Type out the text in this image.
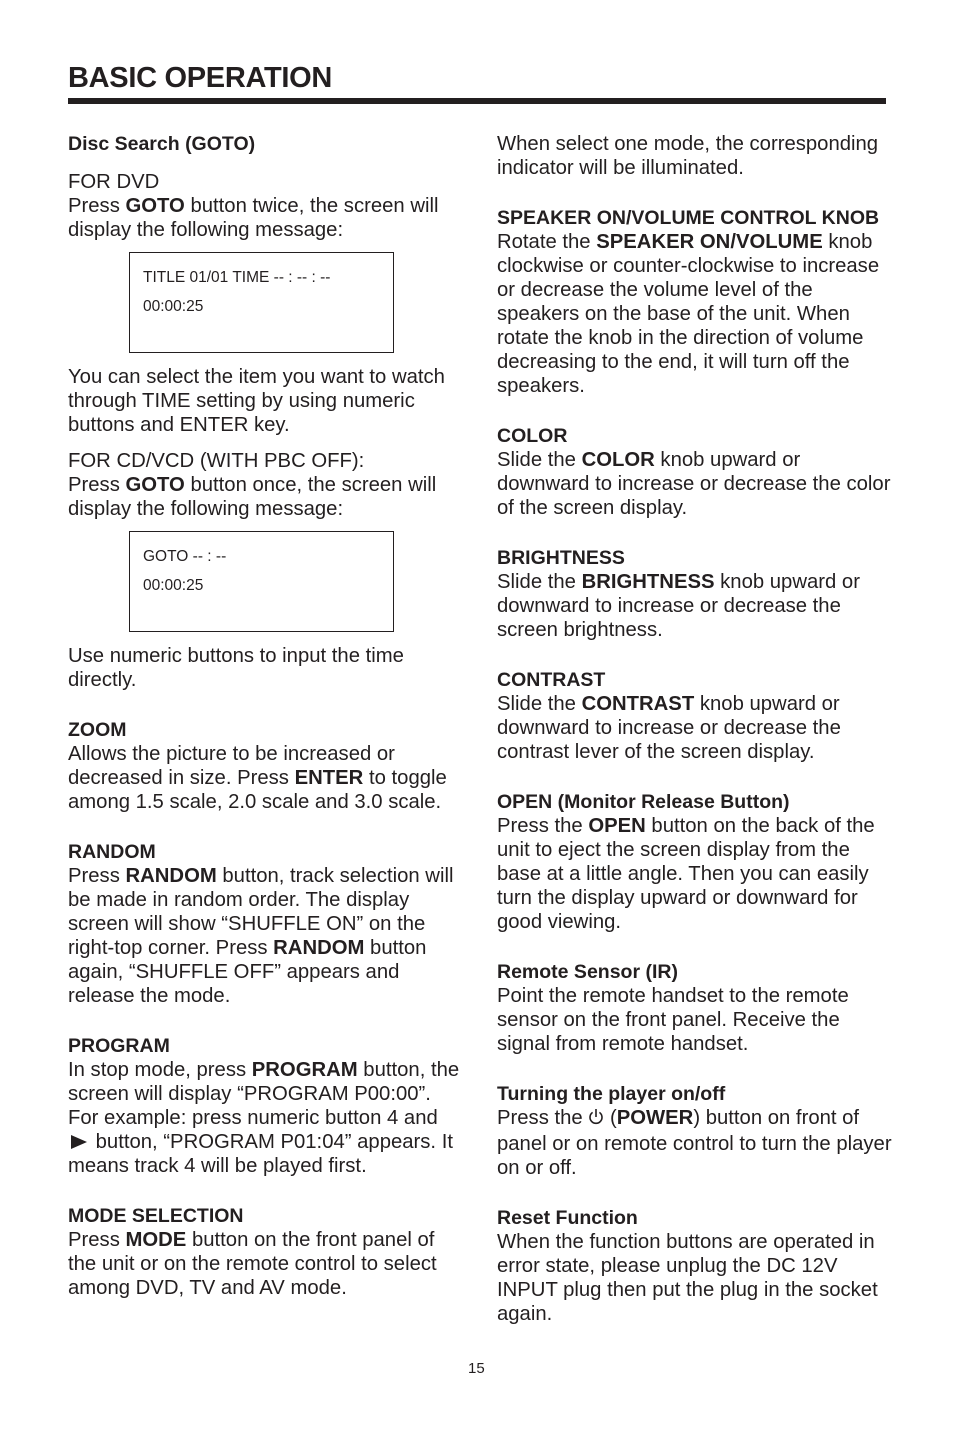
BASIC OPERATION

Disc Search (GOTO)

FOR DVD

Press GOTO button twice, the screen will display the following message:

TITLE 01/01 TIME -- : -- : --
00:00:25

You can select the item you want to watch through TIME setting by using numeric buttons and ENTER key.

FOR CD/VCD (WITH PBC OFF):

Press GOTO button once, the screen will display the following message:

GOTO -- : --
00:00:25

Use numeric buttons to input the time directly.

ZOOM

Allows the picture to be increased or decreased in size. Press ENTER to toggle among 1.5 scale, 2.0 scale and 3.0 scale.

RANDOM

Press RANDOM button, track selection will be made in random order. The display screen will show “SHUFFLE ON” on the right-top corner. Press RANDOM button again, “SHUFFLE OFF” appears and release the mode.

PROGRAM

In stop mode, press PROGRAM button, the screen will display “PROGRAM P00:00”. For example: press numeric button 4 and  button, “PROGRAM P01:04” appears. It means track 4 will be played first.

MODE SELECTION

Press MODE button on the front panel of the unit or on the remote control to select among DVD, TV and AV mode.

When select one mode, the corresponding indicator will be illuminated.

SPEAKER ON/VOLUME CONTROL KNOB

Rotate the SPEAKER ON/VOLUME knob clockwise or counter-clockwise to increase or decrease the volume level of the speakers on the base of the unit. When rotate the knob in the direction of volume decreasing to the end, it will turn off the speakers.

COLOR

Slide the COLOR knob upward or downward to increase or decrease the color of the screen display.

BRIGHTNESS

Slide the BRIGHTNESS knob upward or downward to increase or decrease the screen brightness.

CONTRAST

Slide the CONTRAST knob upward or downward to increase or decrease the contrast lever of the screen display.

OPEN (Monitor Release Button)

Press the OPEN button on the back of the unit to eject the screen display from the base at a little angle. Then you can easily turn the display upward or downward for good viewing.

Remote Sensor (IR)

Point the remote handset to the remote sensor on the front panel. Receive the signal from remote handset.

Turning the player on/off

Press the  (POWER) button on front of panel or on remote control to turn the player on or off.

Reset Function

When the function buttons are operated in error state, please unplug the DC 12V INPUT plug then put the plug in the socket again.

15
